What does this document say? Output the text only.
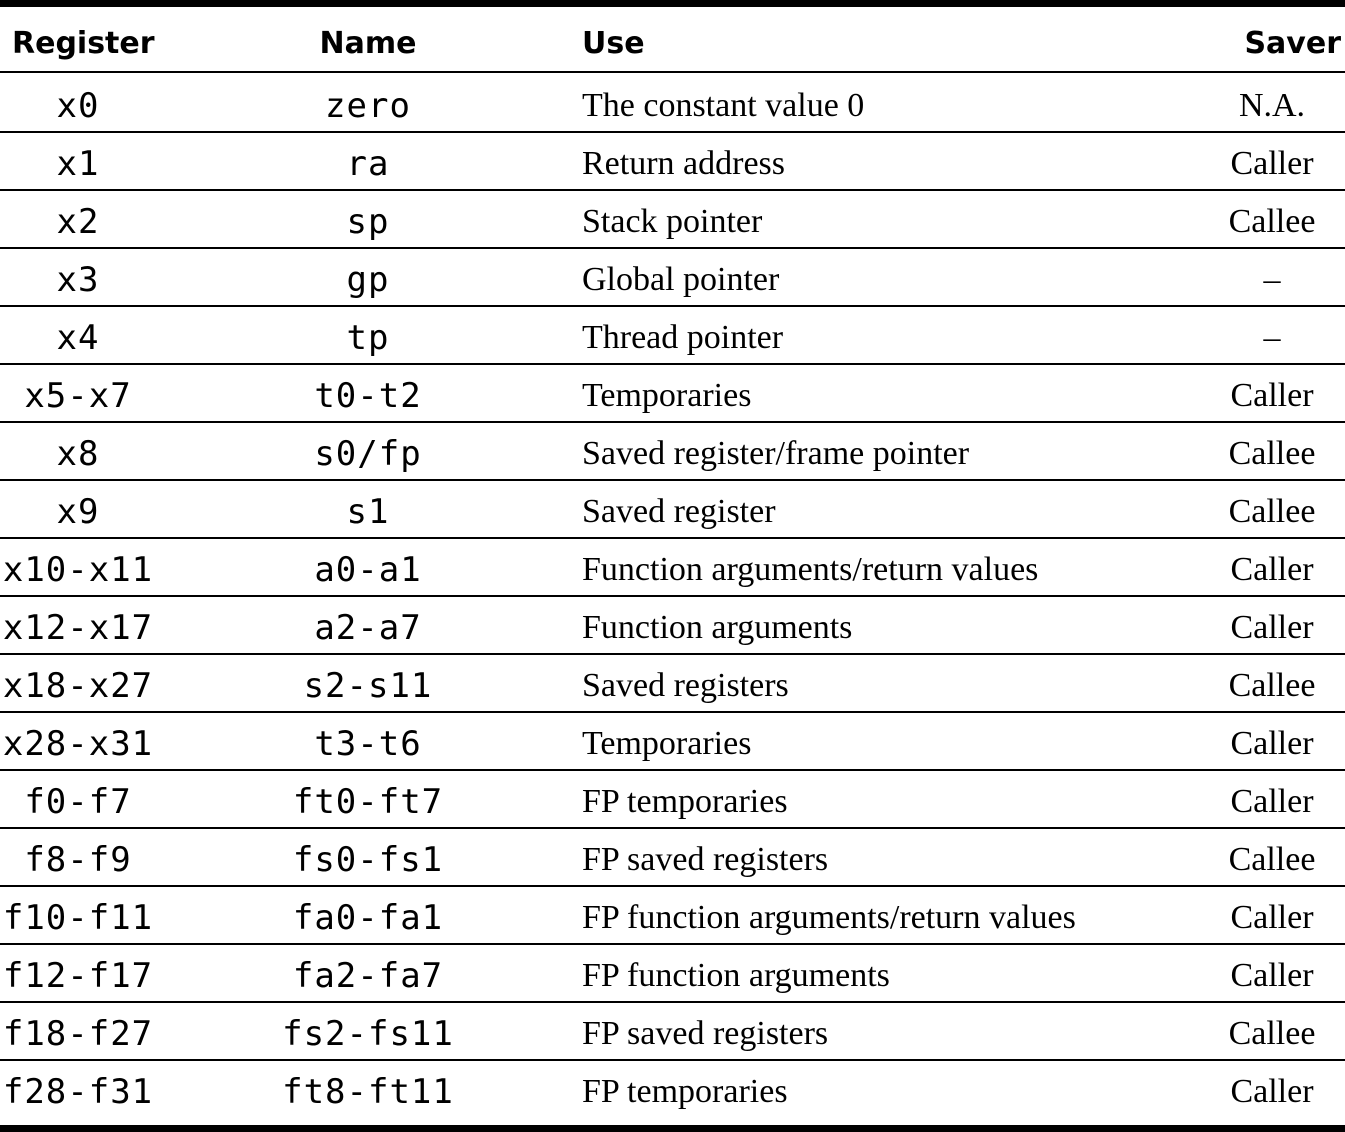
Register	Name	Use	Saver
x0	zero	The constant value 0	N.A.
x1	ra	Return address	Caller
x2	sp	Stack pointer	Callee
x3	gp	Global pointer	–
x4	tp	Thread pointer	–
x5-x7	t0-t2	Temporaries	Caller
x8	s0/fp	Saved register/frame pointer	Callee
x9	s1	Saved register	Callee
x10-x11	a0-a1	Function arguments/return values	Caller
x12-x17	a2-a7	Function arguments	Caller
x18-x27	s2-s11	Saved registers	Callee
x28-x31	t3-t6	Temporaries	Caller
f0-f7	ft0-ft7	FP temporaries	Caller
f8-f9	fs0-fs1	FP saved registers	Callee
f10-f11	fa0-fa1	FP function arguments/return values	Caller
f12-f17	fa2-fa7	FP function arguments	Caller
f18-f27	fs2-fs11	FP saved registers	Callee
f28-f31	ft8-ft11	FP temporaries	Caller
